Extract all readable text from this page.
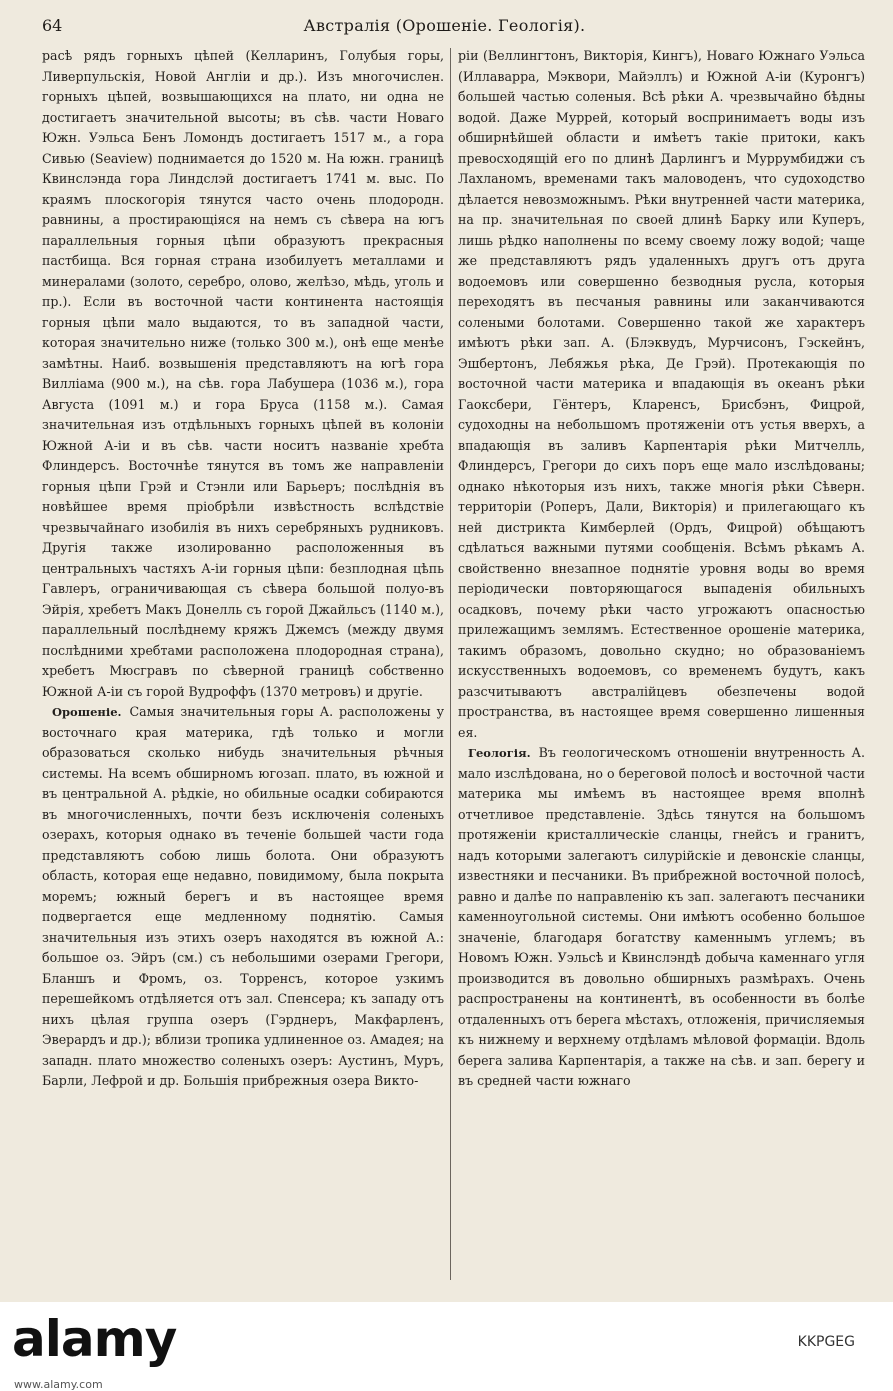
64	Австралія (Орошеніе. Геологія).

расѣ рядъ горныхъ цѣпей (Келларинъ, Голубыя горы, Ливерпульскія, Новой Англіи и др.). Изъ многочислен. горныхъ цѣпей, возвышающихся на плато, ни одна не достигаетъ значительной высоты; въ сѣв. части Новаго Южн. Уэльса Бенъ Ломондъ достигаетъ 1517 м., а гора Сивью (Seaview) поднимается до 1520 м. На южн. границѣ Квинслэнда гора Линдслэй достигаетъ 1741 м. выс. По краямъ плоскогорія тянутся часто очень плодородн. равнины, а простирающіяся на немъ съ сѣвера на югъ параллельныя горныя цѣпи образуютъ прекрасныя пастбища. Вся горная страна изобилуетъ металлами и минералами (золото, серебро, олово, желѣзо, мѣдь, уголь и пр.). Если въ восточной части континента настоящія горныя цѣпи мало выдаются, то въ западной части, которая значительно ниже (только 300 м.), онѣ еще менѣе замѣтны. Наиб. возвышенія представляютъ на югѣ гора Вилліама (900 м.), на сѣв. гора Лабушера (1036 м.), гора Августа (1091 м.) и гора Бруса (1158 м.). Самая значительная изъ отдѣльныхъ горныхъ цѣпей въ колоніи Южной А-іи и въ сѣв. части носитъ названіе хребта Флиндерсъ. Восточнѣе тянутся въ томъ же направленіи горныя цѣпи Грэй и Стэнли или Барьеръ; послѣднія въ новѣйшее время пріобрѣли извѣстность вслѣдствіе чрезвычайнаго изобилія въ нихъ серебряныхъ рудниковъ. Другія также изолированно расположенныя въ центральныхъ частяхъ А-іи горныя цѣпи: безплодная цѣпь Гавлеръ, ограничивающая съ сѣвера большой полуо-въ Эйрія, хребетъ Макъ Донелль съ горой Джайльсъ (1140 м.), параллельный послѣднему кряжъ Джемсъ (между двумя послѣдними хребтами расположена плодородная страна), хребетъ Мюсгравъ по сѣверной границѣ собственно Южной А-іи съ горой Вудроффъ (1370 метровъ) и другіе.

Орошеніе. Самыя значительныя горы А. расположены у восточнаго края материка, гдѣ только и могли образоваться сколько нибудь значительныя рѣчныя системы. На всемъ обширномъ югозап. плато, въ южной и въ центральной А. рѣдкіе, но обильные осадки собираются въ многочисленныхъ, почти безъ исключенія соленыхъ озерахъ, которыя однако въ теченіе большей части года представляютъ собою лишь болота. Они образуютъ область, которая еще недавно, повидимому, была покрыта моремъ; южный берегъ и въ настоящее время подвергается еще медленному поднятію. Самыя значительныя изъ этихъ озеръ находятся въ южной А.: большое оз. Эйръ (см.) съ небольшими озерами Грегори, Бланшъ и Фромъ, оз. Торренсъ, которое узкимъ перешейкомъ отдѣляется отъ зал. Спенсера; къ западу отъ нихъ цѣлая группа озеръ (Гэрднеръ, Макфарленъ, Эверардъ и др.); вблизи тропика удлиненное оз. Амадея; на западн. плато множество соленыхъ озеръ: Аустинъ, Муръ, Барли, Лефрой и др. Большія прибрежныя озера Викто-

ріи (Веллингтонъ, Викторія, Кингъ), Новаго Южнаго Уэльса (Иллаварра, Мэквори, Майэллъ) и Южной А-іи (Куронгъ) большей частью соленыя. Всѣ рѣки А. чрезвычайно бѣдны водой. Даже Муррей, который воспринимаетъ воды изъ обширнѣйшей области и имѣетъ такіе притоки, какъ превосходящій его по длинѣ Дарлингъ и Муррумбиджи съ Лахланомъ, временами такъ маловоденъ, что судоходство дѣлается невозможнымъ. Рѣки внутренней части материка, на пр. значительная по своей длинѣ Барку или Куперъ, лишь рѣдко наполнены по всему своему ложу водой; чаще же представляютъ рядъ удаленныхъ другъ отъ друга водоемовъ или совершенно безводныя русла, которыя переходятъ въ песчаныя равнины или заканчиваются солеными болотами. Совершенно такой же характеръ имѣютъ рѣки зап. А. (Блэквудъ, Мурчисонъ, Гэскейнъ, Эшбертонъ, Лебяжья рѣка, Де Грэй). Протекающія по восточной части материка и впадающія въ океанъ рѣки Гаоксбери, Гёнтеръ, Кларенсъ, Брисбэнъ, Фицрой, судоходны на небольшомъ протяженіи отъ устья вверхъ, а впадающія въ заливъ Карпентарія рѣки Митчелль, Флиндерсъ, Грегори до сихъ поръ еще мало изслѣдованы; однако нѣкоторыя изъ нихъ, также многія рѣки Сѣверн. территоріи (Роперъ, Дали, Викторія) и прилегающаго къ ней дистрикта Кимберлей (Ордъ, Фицрой) обѣщаютъ сдѣлаться важными путями сообщенія. Всѣмъ рѣкамъ А. свойственно внезапное поднятіе уровня воды во время періодически повторяющагося выпаденія обильныхъ осадковъ, почему рѣки часто угрожаютъ опасностью прилежащимъ землямъ. Естественное орошеніе материка, такимъ образомъ, довольно скудно; но образованіемъ искусственныхъ водоемовъ, со временемъ будутъ, какъ разсчитываютъ австралійцевъ обезпечены водой пространства, въ настоящее время совершенно лишенныя ея.

Геологія. Въ геологическомъ отношеніи внутренность А. мало изслѣдована, но о береговой полосѣ и восточной части материка мы имѣемъ въ настоящее время вполнѣ отчетливое представленіе. Здѣсь тянутся на большомъ протяженіи кристаллическіе сланцы, гнейсъ и гранитъ, надъ которыми залегаютъ силурійскіе и девонскіе сланцы, известняки и песчаники. Въ прибрежной восточной полосѣ, равно и далѣе по направленію къ зап. залегаютъ песчаники каменноугольной системы. Они имѣютъ особенно большое значеніе, благодаря богатству каменнымъ углемъ; въ Новомъ Южн. Уэльсѣ и Квинслэндѣ добыча каменнаго угля производится въ довольно обширныхъ размѣрахъ. Очень распространены на континентѣ, въ особенности въ болѣе отдаленныхъ отъ берега мѣстахъ, отложенія, причисляемыя къ нижнему и верхнему отдѣламъ мѣловой формаціи. Вдоль берега залива Карпентарія, а также на сѣв. и зап. берегу и въ средней части южнаго

alamy
www.alamy.com
KKPGEG
